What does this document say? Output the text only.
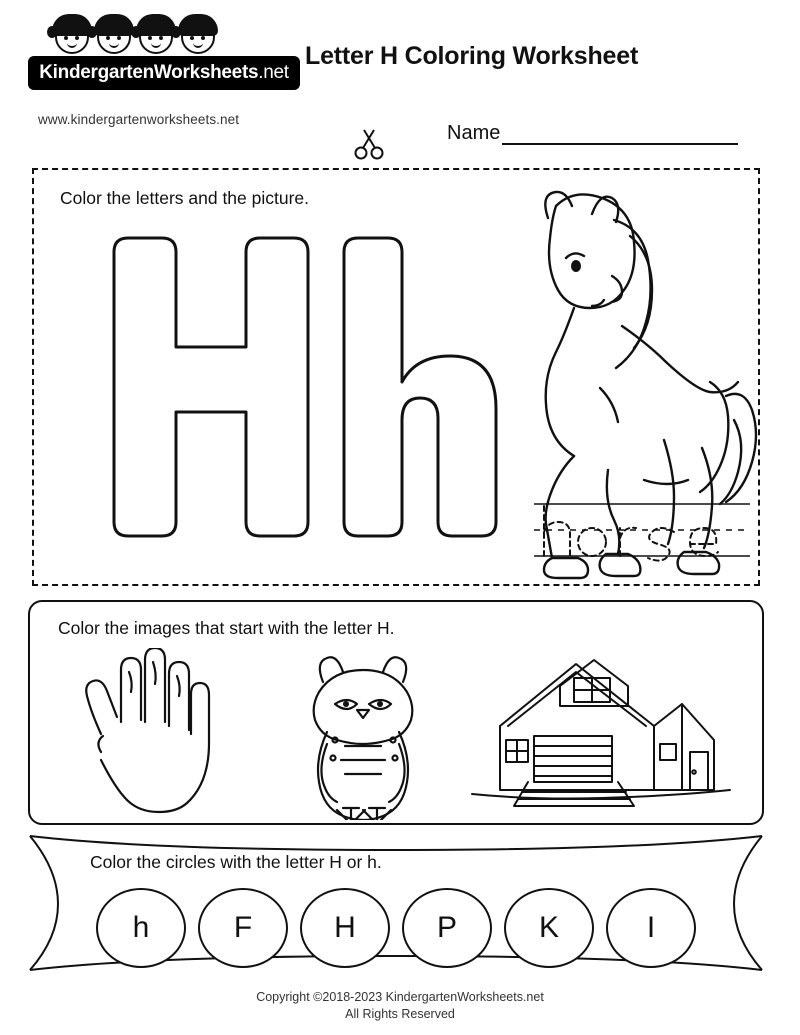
KindergartenWorksheets.net
www.kindergartenworksheets.net
Letter H Coloring Worksheet
Name
Color the letters and the picture.
Color the images that start with the letter H.
Color the circles with the letter H or h.
h	F	H	P	K	I
Copyright ©2018-2023 KindergartenWorksheets.net
All Rights Reserved
